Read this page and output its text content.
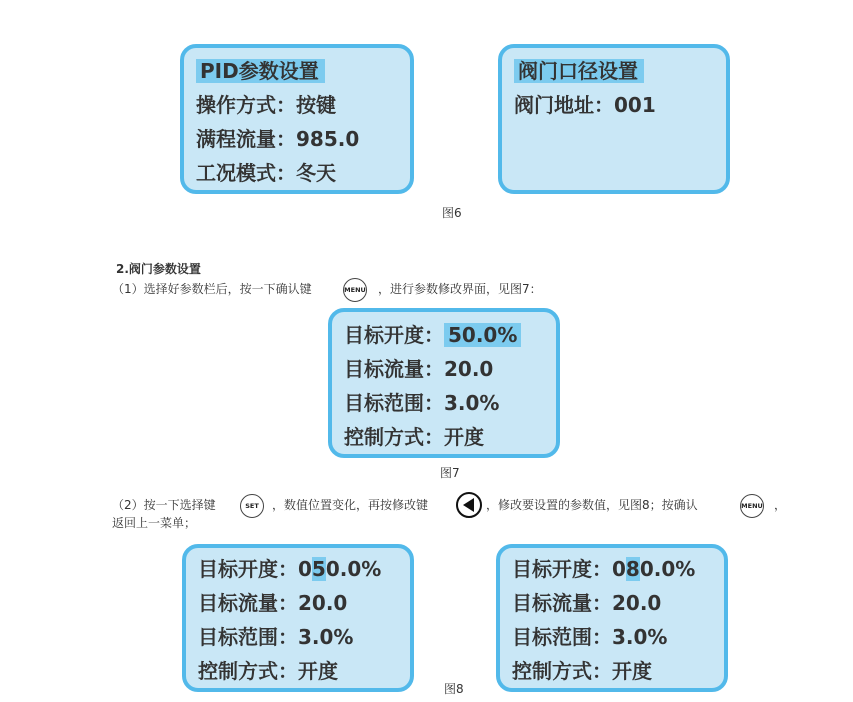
PID参数设置
操作方式：按键
满程流量：985.0
工况模式：冬天
阀门口径设置
阀门地址：001
图6
2.阀门参数设置
（1）选择好参数栏后，按一下确认键	MENU ，进行参数修改界面，见图7：
目标开度： 50.0%
目标流量：20.0
目标范围：3.0%
控制方式：开度
图7
（2）按一下选择键	SET	，数值位置变化，再按修改键	，修改要设置的参数值，见图8；按确认	MENU ，
返回上一菜单；
目标开度：050.0%
目标流量：20.0
目标范围：3.0%
控制方式：开度
目标开度：080.0%
目标流量：20.0
目标范围：3.0%
控制方式：开度
图8
